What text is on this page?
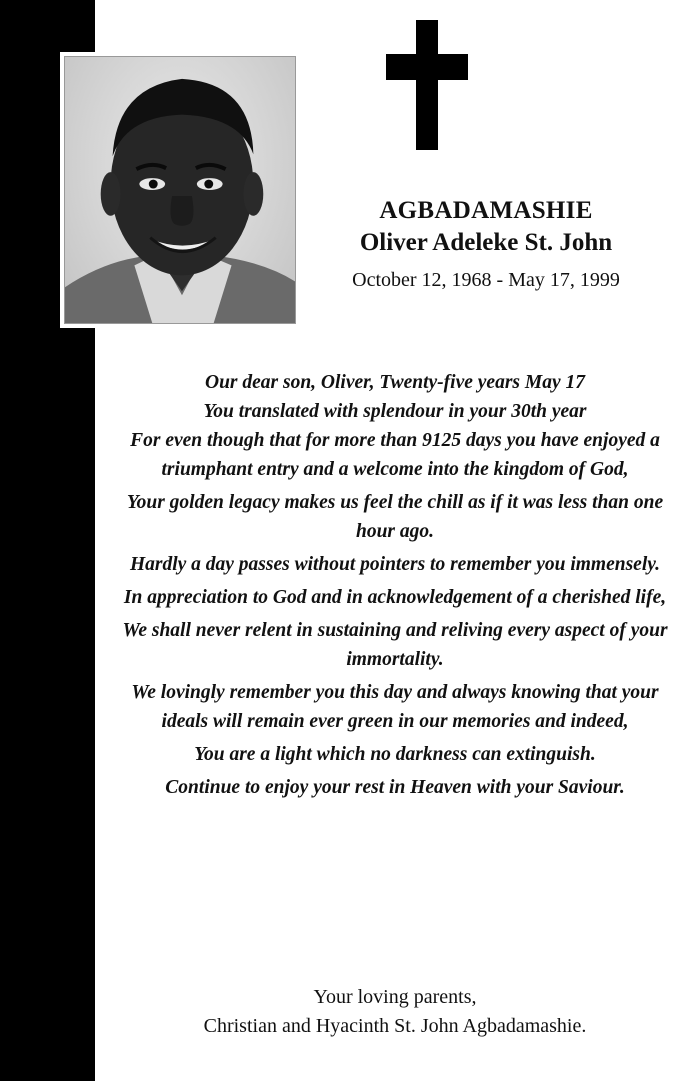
AGBADAMASHIE
Oliver Adeleke St. John
October 12, 1968 - May 17, 1999

Our dear son, Oliver, Twenty-five years May 17
You translated with splendour in your 30th year
For even though that for more than 9125 days you have enjoyed a triumphant entry and a welcome into the kingdom of God,

Your golden legacy makes us feel the chill as if it was less than one hour ago.

Hardly a day passes without pointers to remember you immensely.

In appreciation to God and in acknowledgement of a cherished life,

We shall never relent in sustaining and reliving every aspect of your immortality.

We lovingly remember you this day and always knowing that your ideals will remain ever green in our memories and indeed,

You are a light which no darkness can extinguish.

Continue to enjoy your rest in Heaven with your Saviour.

Your loving parents,
Christian and Hyacinth St. John Agbadamashie.
